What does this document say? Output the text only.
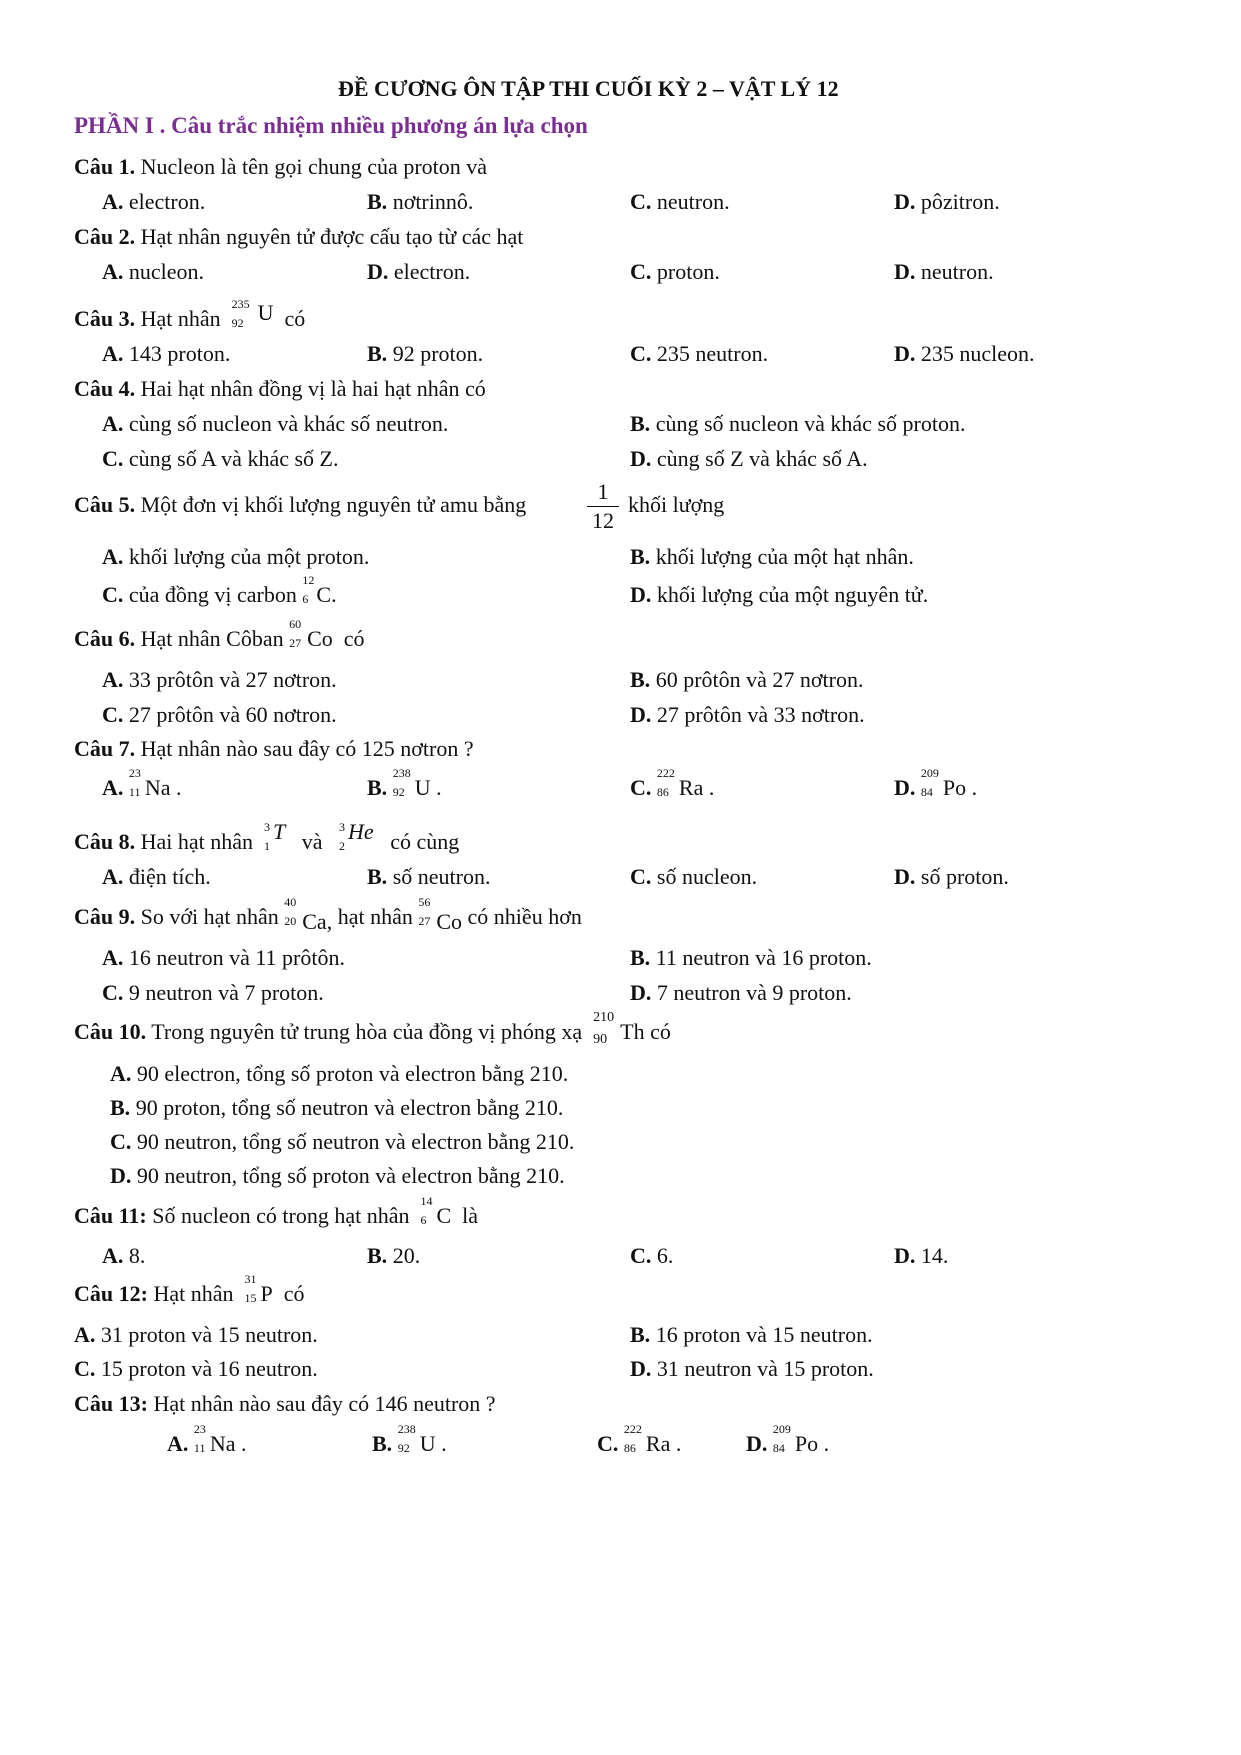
ĐỀ CƯƠNG ÔN TẬP THI CUỐI KỲ 2 – VẬT LÝ 12
PHẦN I . Câu trắc nhiệm nhiều phương án lựa chọn
Câu 1. Nucleon là tên gọi chung của proton và
A. electron.	B. nơtrinnô.	C. neutron.	D. pôzitron.
Câu 2. Hạt nhân nguyên tử được cấu tạo từ các hạt
A. nucleon.	D. electron.	C. proton.	D. neutron.
Câu 3. Hạt nhân
235
92 U có
A. 143 proton.	B. 92 proton.	C. 235 neutron.	D. 235 nucleon.
Câu 4. Hai hạt nhân đồng vị là hai hạt nhân có
A. cùng số nucleon và khác số neutron.	B. cùng số nucleon và khác số proton.
C. cùng số A và khác số Z.	D. cùng số Z và khác số A.
Câu 5. Một đơn vị khối lượng nguyên tử amu bằng	$\frac{1}{12}$ khối lượng
A. khối lượng của một proton.	B. khối lượng của một hạt nhân.
C. của đồng vị carbon
12
6 C.	D. khối lượng của một nguyên tử.
Câu 6. Hạt nhân Côban
60
27 Co có
A. 33 prôtôn và 27 nơtron.	B. 60 prôtôn và 27 nơtron.
C. 27 prôtôn và 60 nơtron.	D. 27 prôtôn và 33 nơtron.
Câu 7. Hạt nhân nào sau đây có 125 nơtron ?
A.
23
11 Na .	B.
238
92 U .	C.
222
86 Ra .	D.
209
84 Po .
Câu 8. Hai hạt nhân
3
1
T và
3
2
He có cùng
A. điện tích.	B. số neutron.	C. số nucleon.	D. số proton.
Câu 9. So với hạt nhân
40
20 Ca, hạt nhân
56
27 Co có nhiều hơn
A. 16 neutron và 11 prôtôn.	B. 11 neutron và 16 proton.
C. 9 neutron và 7 proton.	D. 7 neutron và 9 proton.
Câu 10. Trong nguyên tử trung hòa của đồng vị phóng xạ
210
90 Th có
A. 90 electron, tổng số proton và electron bằng 210.
B. 90 proton, tổng số neutron và electron bằng 210.
C. 90 neutron, tổng số neutron và electron bằng 210.
D. 90 neutron, tổng số proton và electron bằng 210.
Câu 11: Số nucleon có trong hạt nhân
14
6 C là
A. 8.	B. 20.	C. 6.	D. 14.
Câu 12: Hạt nhân
31
15 P có
A. 31 proton và 15 neutron.	B. 16 proton và 15 neutron.
C. 15 proton và 16 neutron.	D. 31 neutron và 15 proton.
Câu 13: Hạt nhân nào sau đây có 146 neutron ?
A.
23
11 Na .	B.
238
92 U .	C.
222
86 Ra .	D.
209
84 Po .
